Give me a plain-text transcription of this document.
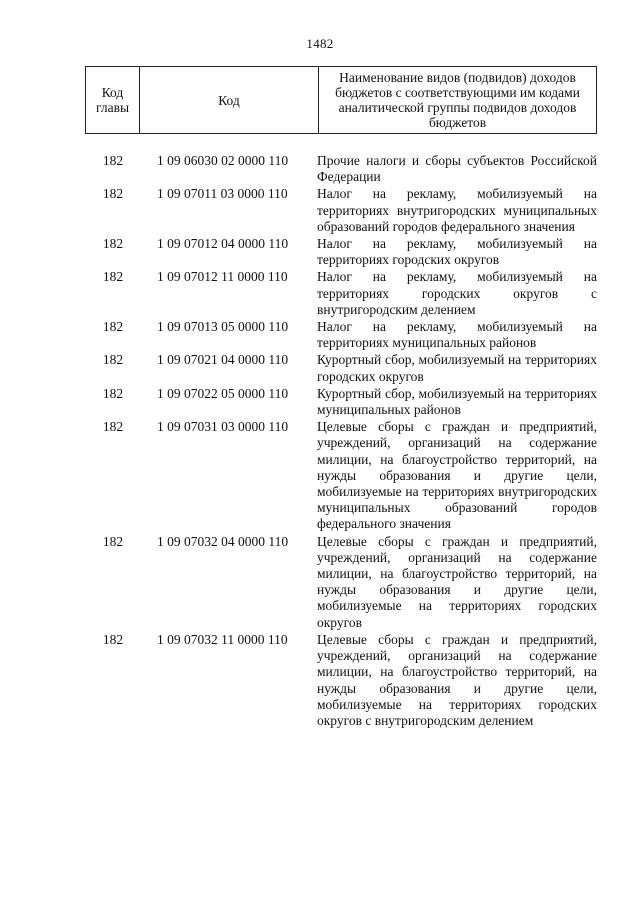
1482
Код главы	Код	Наименование видов (подвидов) доходов бюджетов с соответствующими им кодами аналитической группы подвидов доходов бюджетов
182	1 09 06030 02 0000 110	Прочие налоги и сборы субъектов Российской Федерации
182	1 09 07011 03 0000 110	Налог на рекламу, мобилизуемый на территориях внутригородских муниципальных образований городов федерального значения
182	1 09 07012 04 0000 110	Налог на рекламу, мобилизуемый на территориях городских округов
182	1 09 07012 11 0000 110	Налог на рекламу, мобилизуемый на территориях городских округов с внутригородским делением
182	1 09 07013 05 0000 110	Налог на рекламу, мобилизуемый на территориях муниципальных районов
182	1 09 07021 04 0000 110	Курортный сбор, мобилизуемый на территориях городских округов
182	1 09 07022 05 0000 110	Курортный сбор, мобилизуемый на территориях муниципальных районов
182	1 09 07031 03 0000 110	Целевые сборы с граждан и предприятий, учреждений, организаций на содержание милиции, на благоустройство территорий, на нужды образования и другие цели, мобилизуемые на территориях внутригородских муниципальных образований городов федерального значения
182	1 09 07032 04 0000 110	Целевые сборы с граждан и предприятий, учреждений, организаций на содержание милиции, на благоустройство территорий, на нужды образования и другие цели, мобилизуемые на территориях городских округов
182	1 09 07032 11 0000 110	Целевые сборы с граждан и предприятий, учреждений, организаций на содержание милиции, на благоустройство территорий, на нужды образования и другие цели, мобилизуемые на территориях городских округов с внутригородским делением
